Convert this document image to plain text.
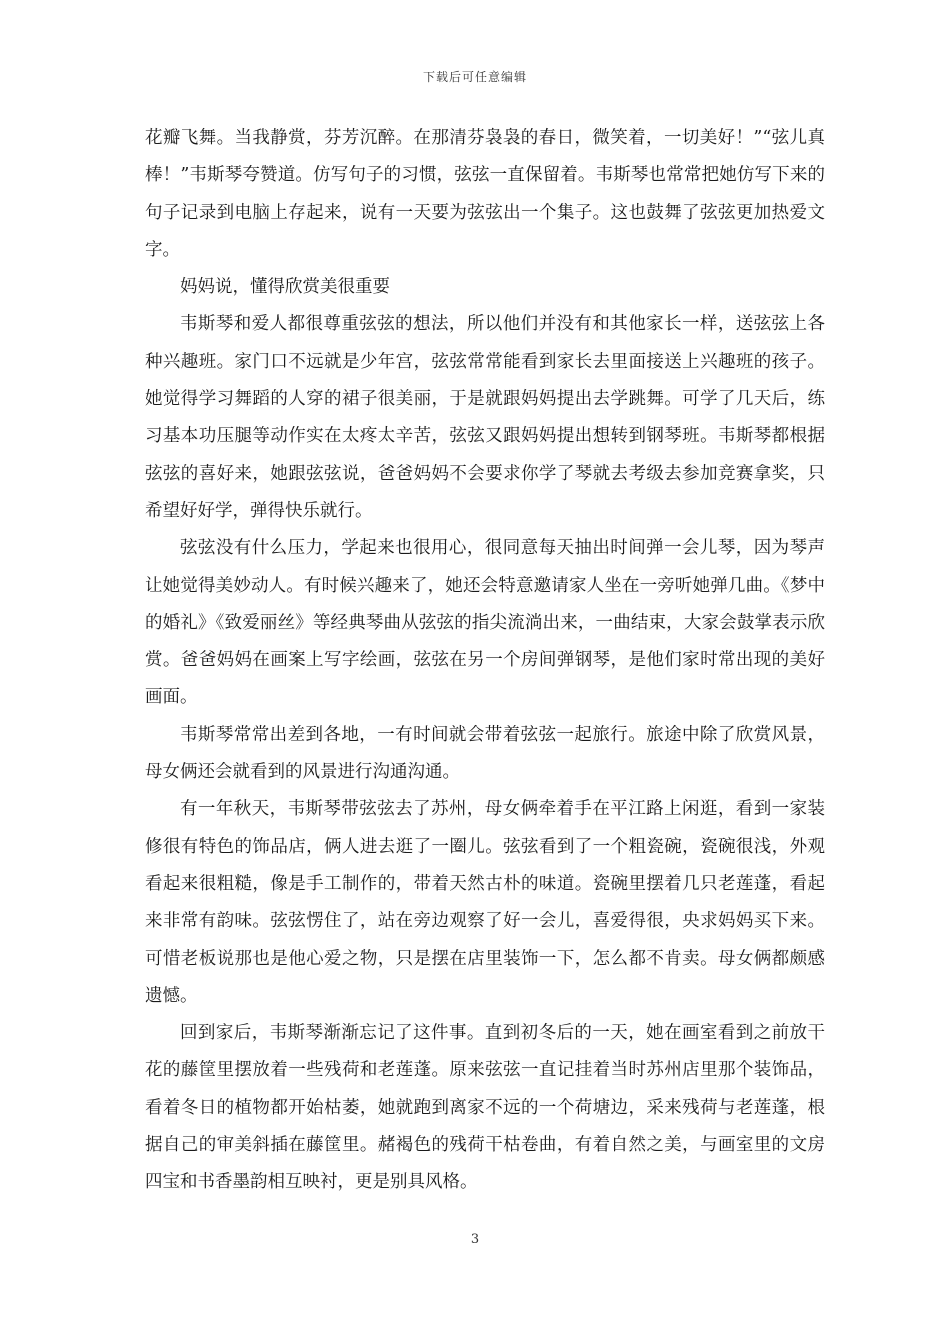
下载后可任意编辑

花瓣飞舞。当我静赏，芬芳沉醉。在那清芬袅袅的春日，微笑着，一切美好！”“弦儿真棒！”韦斯琴夸赞道。仿写句子的习惯，弦弦一直保留着。韦斯琴也常常把她仿写下来的句子记录到电脑上存起来，说有一天要为弦弦出一个集子。这也鼓舞了弦弦更加热爱文字。

妈妈说，懂得欣赏美很重要

韦斯琴和爱人都很尊重弦弦的想法，所以他们并没有和其他家长一样，送弦弦上各种兴趣班。家门口不远就是少年宫，弦弦常常能看到家长去里面接送上兴趣班的孩子。她觉得学习舞蹈的人穿的裙子很美丽，于是就跟妈妈提出去学跳舞。可学了几天后，练习基本功压腿等动作实在太疼太辛苦，弦弦又跟妈妈提出想转到钢琴班。韦斯琴都根据弦弦的喜好来，她跟弦弦说，爸爸妈妈不会要求你学了琴就去考级去参加竞赛拿奖，只希望好好学，弹得快乐就行。

弦弦没有什么压力，学起来也很用心，很同意每天抽出时间弹一会儿琴，因为琴声让她觉得美妙动人。有时候兴趣来了，她还会特意邀请家人坐在一旁听她弹几曲。《梦中的婚礼》《致爱丽丝》等经典琴曲从弦弦的指尖流淌出来，一曲结束，大家会鼓掌表示欣赏。爸爸妈妈在画案上写字绘画，弦弦在另一个房间弹钢琴，是他们家时常出现的美好画面。

韦斯琴常常出差到各地，一有时间就会带着弦弦一起旅行。旅途中除了欣赏风景，母女俩还会就看到的风景进行沟通沟通。

有一年秋天，韦斯琴带弦弦去了苏州，母女俩牵着手在平江路上闲逛，看到一家装修很有特色的饰品店，俩人进去逛了一圈儿。弦弦看到了一个粗瓷碗，瓷碗很浅，外观看起来很粗糙，像是手工制作的，带着天然古朴的味道。瓷碗里摆着几只老莲蓬，看起来非常有韵味。弦弦愣住了，站在旁边观察了好一会儿，喜爱得很，央求妈妈买下来。可惜老板说那也是他心爱之物，只是摆在店里装饰一下，怎么都不肯卖。母女俩都颇感遗憾。

回到家后，韦斯琴渐渐忘记了这件事。直到初冬后的一天，她在画室看到之前放干花的藤筐里摆放着一些残荷和老莲蓬。原来弦弦一直记挂着当时苏州店里那个装饰品，看着冬日的植物都开始枯萎，她就跑到离家不远的一个荷塘边，采来残荷与老莲蓬，根据自己的审美斜插在藤筐里。赭褐色的残荷干枯卷曲，有着自然之美，与画室里的文房四宝和书香墨韵相互映衬，更是别具风格。

3
